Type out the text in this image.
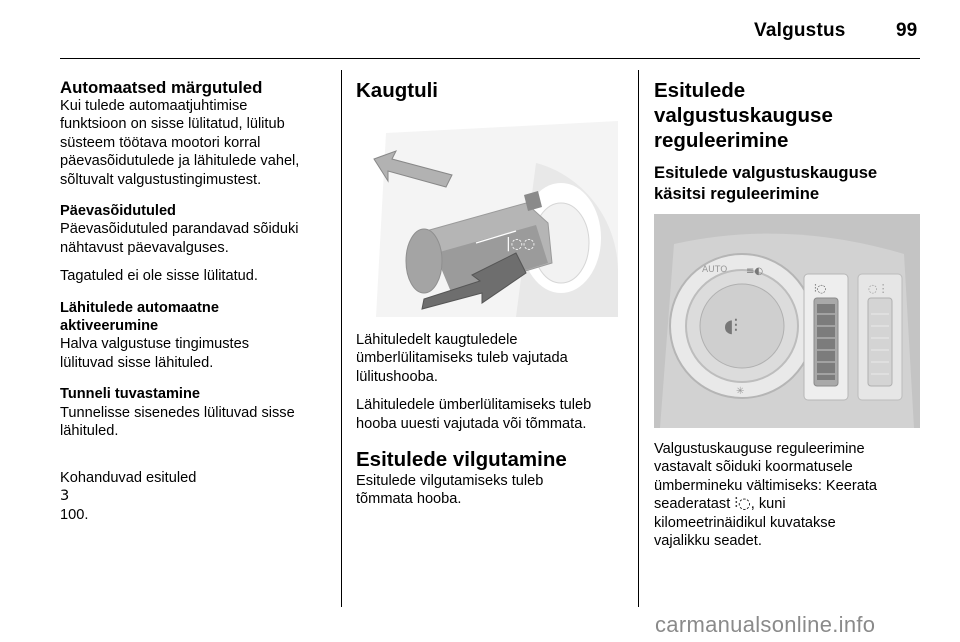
Valgustus	99
Automaatsed märgutuled
Kui tulede automaatjuhtimise
funktsioon on sisse lülitatud, lülitub
süsteem töötava mootori korral
päevasõidutulede ja lähitulede vahel,
sõltuvalt valgustustingimustest.
Päevasõidutuled
Päevasõidutuled parandavad sõiduki
nähtavust päevavalguses.
Tagatuled ei ole sisse lülitatud.
Lähitulede automaatne
aktiveerumine
Halva valgustuse tingimustes
lülituvad sisse lähituled.
Tunneli tuvastamine
Tunnelisse sisenedes lülituvad sisse
lähituled.

Kohanduvad esituled
3
100.

Kaugtuli
|◌◌
Lähituledelt kaugtuledele
ümberlülitamiseks tuleb vajutada
lülitushooba.
Lähituledele ümberlülitamiseks tuleb
hooba uuesti vajutada või tõmmata.
Esitulede vilgutamine
Esitulede vilgutamiseks tuleb
tõmmata hooba.
Esitulede
valgustuskauguse
reguleerimine
Esitulede valgustuskauguse
käsitsi reguleerimine
◖⫶
AUTO ≡◐
✳
⫶◌	◌⋮
Valgustuskauguse reguleerimine
vastavalt sõiduki koormatusele
ümbermineku vältimiseks: Keerata
seaderatast ⫶◌, kuni
kilomeetrinäidikul kuvatakse
vajalikku seadet.
carmanualsonline.info
